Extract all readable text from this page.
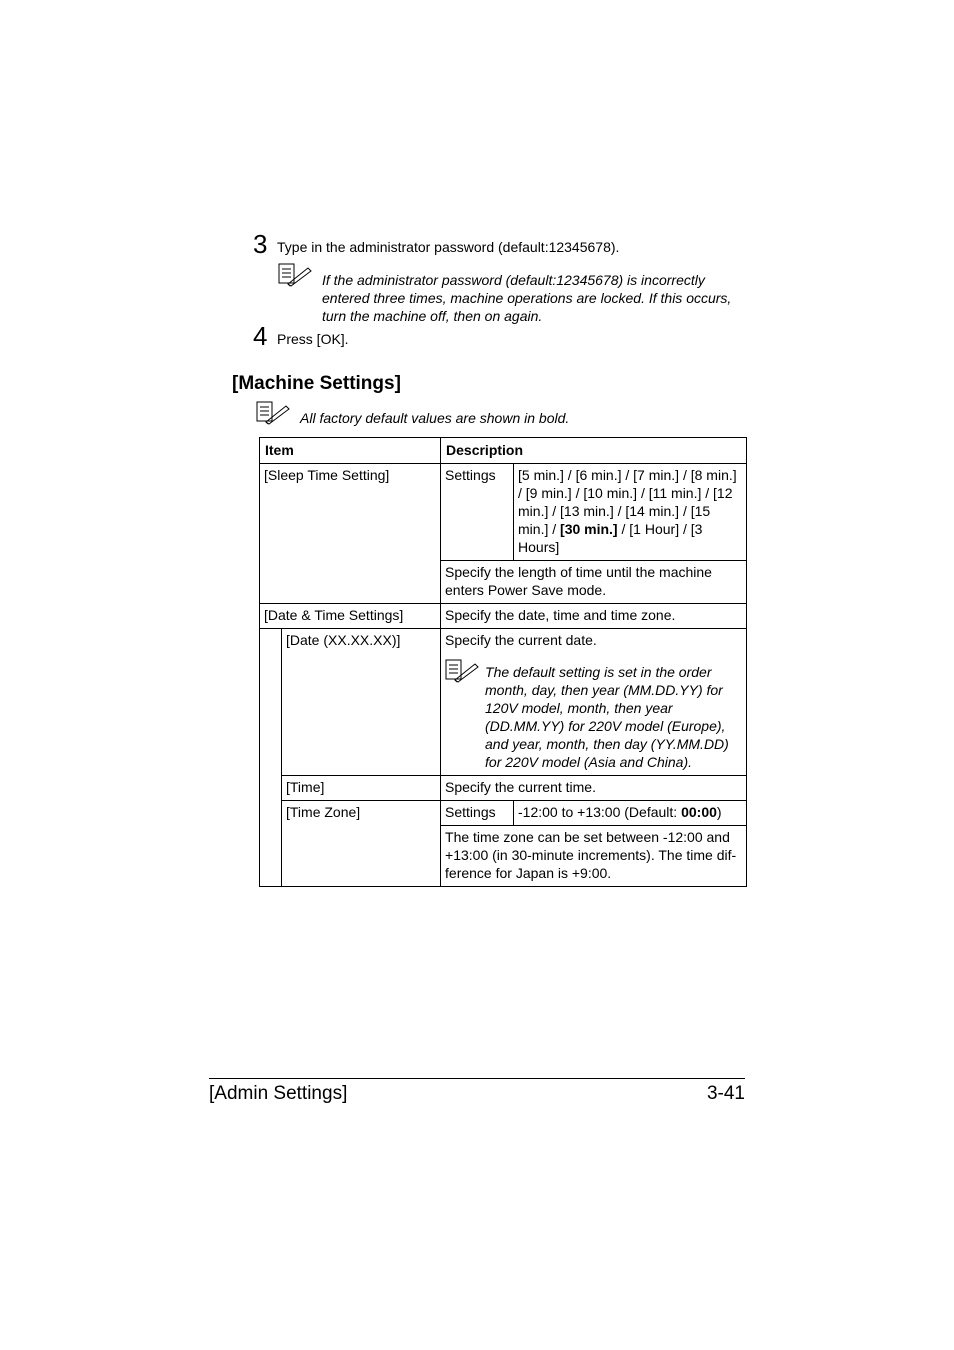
3 Type in the administrator password (default:12345678).
If the administrator password (default:12345678) is incorrectly
entered three times, machine operations are locked. If this occurs,
turn the machine off, then on again.
4 Press [OK].
[Machine Settings]
All factory default values are shown in bold.
Item		Description	
[Sleep Time Setting]		Settings	[5 min.] / [6 min.] / [7 min.] / [8 min.] / [9 min.] / [10 min.] / [11 min.] / [12 min.] / [13 min.] / [14 min.] / [15 min.] / [30 min.] / [1 Hour] / [3 Hours]
		Specify the length of time until the machine enters Power Save mode.	
[Date & Time Settings]		Specify the date, time and time zone.	
	[Date (XX.XX.XX)]	Specify the current date.
The default setting is set in the order month, day, then year (MM.DD.YY) for 120V model, month, then year (DD.MM.YY) for 220V model (Europe), and year, month, then day (YY.MM.DD) for 220V model (Asia and China).	

	[Time]	Specify the current time.	
	[Time Zone]	Settings	-12:00 to +13:00 (Default: 00:00)
		The time zone can be set between -12:00 and +13:00 (in 30-minute increments). The time difference for Japan is +9:00.	
[Admin Settings]	3-41
